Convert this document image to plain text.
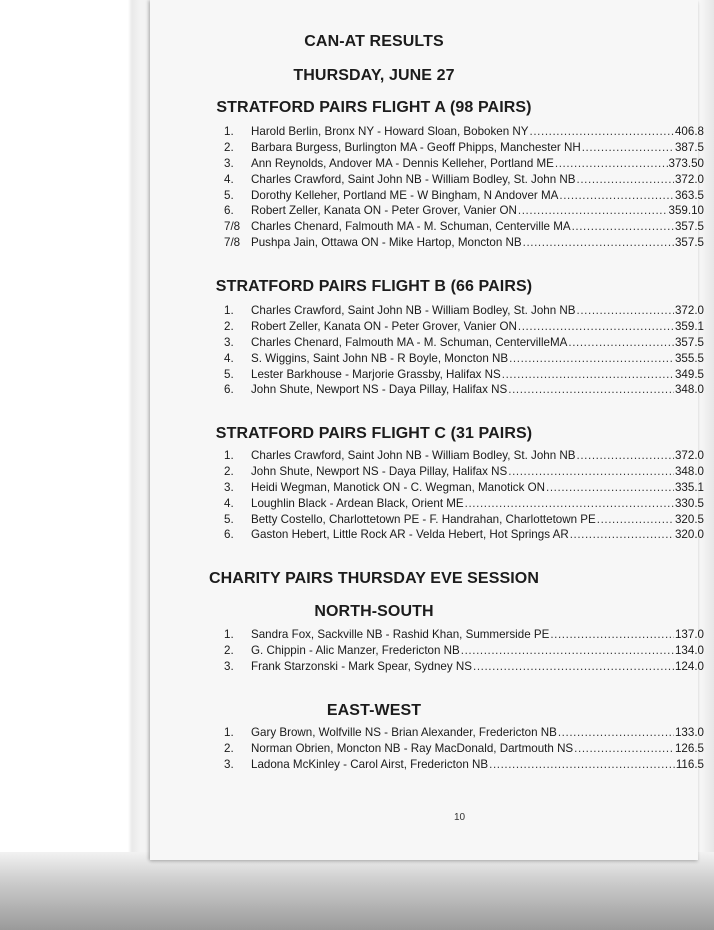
CAN-AT RESULTS
THURSDAY, JUNE 27
STRATFORD PAIRS FLIGHT A (98 PAIRS)
1.	Harold Berlin, Bronx NY - Howard Sloan, Boboken NY .....	406.8
2.	Barbara Burgess, Burlington MA - Geoff Phipps, Manchester NH .....	387.5
3.	Ann Reynolds, Andover MA - Dennis Kelleher, Portland ME .....	373.50
4.	Charles Crawford, Saint John NB - William Bodley, St. John NB .....	372.0
5.	Dorothy Kelleher, Portland ME - W Bingham, N Andover MA .....	363.5
6.	Robert Zeller, Kanata ON - Peter Grover, Vanier ON .....	359.10
7/8 Charles Chenard, Falmouth MA - M. Schuman, Centerville MA .....	357.5
7/8 Pushpa Jain, Ottawa ON - Mike Hartop, Moncton NB .....	357.5
STRATFORD PAIRS FLIGHT B (66 PAIRS)
1.	Charles Crawford, Saint John NB - William Bodley, St. John NB .....	372.0
2.	Robert Zeller, Kanata ON - Peter Grover, Vanier ON .....	359.1
3.	Charles Chenard, Falmouth MA - M. Schuman, CentervilleMA .....	357.5
4.	S. Wiggins, Saint John NB - R Boyle, Moncton NB .....	355.5
5.	Lester Barkhouse - Marjorie Grassby, Halifax NS .....	349.5
6.	John Shute, Newport NS - Daya Pillay, Halifax NS .....	348.0
STRATFORD PAIRS FLIGHT C (31 PAIRS)
1.	Charles Crawford, Saint John NB - William Bodley, St. John NB .....	372.0
2.	John Shute, Newport NS - Daya Pillay, Halifax NS .....	348.0
3.	Heidi Wegman, Manotick ON - C. Wegman, Manotick ON .....	335.1
4.	Loughlin Black - Ardean Black, Orient ME .....	330.5
5.	Betty Costello, Charlottetown PE - F. Handrahan, Charlottetown PE .....	320.5
6.	Gaston Hebert, Little Rock AR - Velda Hebert, Hot Springs AR .....	320.0
CHARITY PAIRS THURSDAY EVE SESSION
NORTH-SOUTH
1.	Sandra Fox, Sackville NB - Rashid Khan, Summerside PE .....	137.0
2.	G. Chippin - Alic Manzer, Fredericton NB .....	134.0
3.	Frank Starzonski - Mark Spear, Sydney NS .....	124.0
EAST-WEST
1.	Gary Brown, Wolfville NS - Brian Alexander, Fredericton NB .....	133.0
2.	Norman Obrien, Moncton NB - Ray MacDonald, Dartmouth NS .....	126.5
3.	Ladona McKinley - Carol Airst, Fredericton NB .....	116.5
10
